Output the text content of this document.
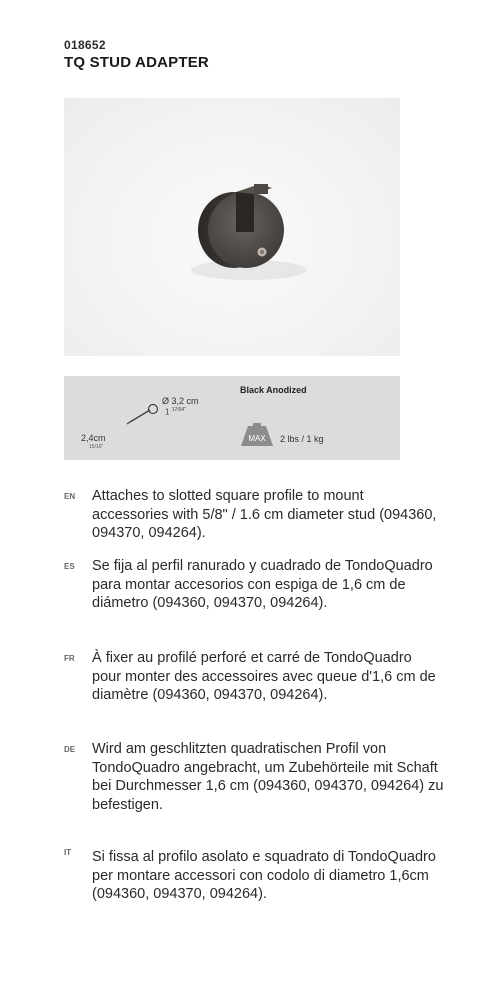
018652
TQ STUD ADAPTER
Black Anodized
Ø 3,2 cm
1 $^{17/64"}$
2,4cm
15/16"
MAX 2 lbs / 1 kg
EN Attaches to slotted square profile to mount accessories with 5/8" / 1.6 cm diameter stud (094360, 094370, 094264).
ES Se fija al perfil ranurado y cuadrado de TondoQuadro para montar accesorios con espiga de 1,6 cm de diámetro (094360, 094370, 094264).
FR À fixer au profilé perforé et carré de TondoQuadro pour monter des accessoires avec queue d'1,6 cm de diamètre (094360, 094370, 094264).
DE Wird am geschlitzten quadratischen Profil von TondoQuadro angebracht, um Zubehörteile mit Schaft bei Durchmesser 1,6 cm (094360, 094370, 094264) zu befestigen.
IT Si fissa al profilo asolato e squadrato di TondoQuadro per montare accessori con codolo di diametro 1,6cm (094360, 094370, 094264).
